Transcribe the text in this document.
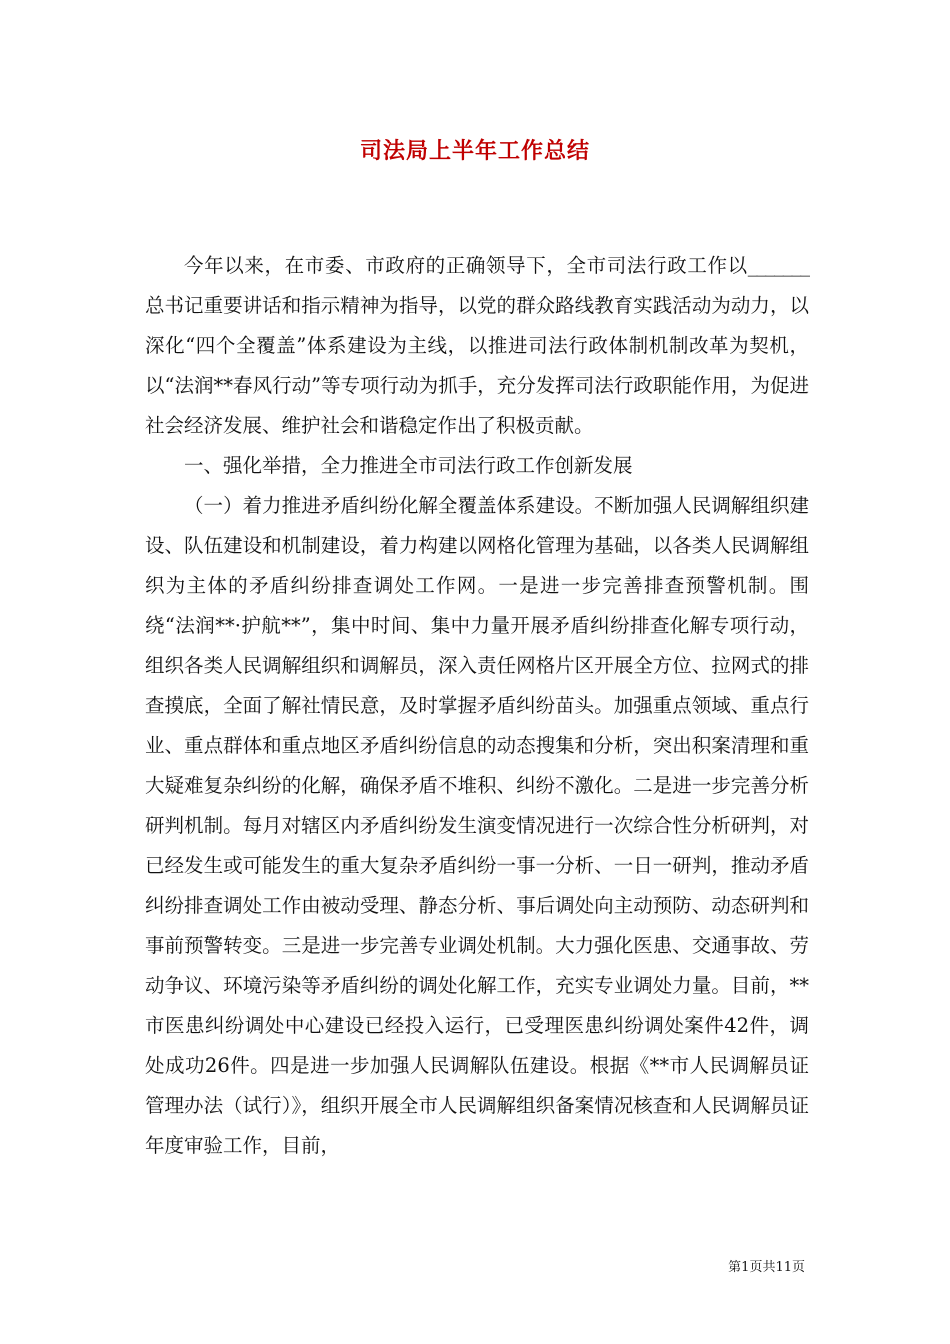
司法局上半年工作总结

今年以来，在市委、市政府的正确领导下，全市司法行政工作以_______总书记重要讲话和指示精神为指导，以党的群众路线教育实践活动为动力，以深化“四个全覆盖”体系建设为主线，以推进司法行政体制机制改革为契机，以“法润**春风行动”等专项行动为抓手，充分发挥司法行政职能作用，为促进社会经济发展、维护社会和谐稳定作出了积极贡献。

一、强化举措，全力推进全市司法行政工作创新发展

（一）着力推进矛盾纠纷化解全覆盖体系建设。不断加强人民调解组织建设、队伍建设和机制建设，着力构建以网格化管理为基础，以各类人民调解组织为主体的矛盾纠纷排查调处工作网。一是进一步完善排查预警机制。围绕“法润**·护航**”，集中时间、集中力量开展矛盾纠纷排查化解专项行动，组织各类人民调解组织和调解员，深入责任网格片区开展全方位、拉网式的排查摸底，全面了解社情民意，及时掌握矛盾纠纷苗头。加强重点领域、重点行业、重点群体和重点地区矛盾纠纷信息的动态搜集和分析，突出积案清理和重大疑难复杂纠纷的化解，确保矛盾不堆积、纠纷不激化。二是进一步完善分析研判机制。每月对辖区内矛盾纠纷发生演变情况进行一次综合性分析研判，对已经发生或可能发生的重大复杂矛盾纠纷一事一分析、一日一研判，推动矛盾纠纷排查调处工作由被动受理、静态分析、事后调处向主动预防、动态研判和事前预警转变。三是进一步完善专业调处机制。大力强化医患、交通事故、劳动争议、环境污染等矛盾纠纷的调处化解工作，充实专业调处力量。目前，**市医患纠纷调处中心建设已经投入运行，已受理医患纠纷调处案件42件，调处成功26件。四是进一步加强人民调解队伍建设。根据《**市人民调解员证管理办法（试行）》，组织开展全市人民调解组织备案情况核查和人民调解员证年度审验工作，目前，

第1页共11页
